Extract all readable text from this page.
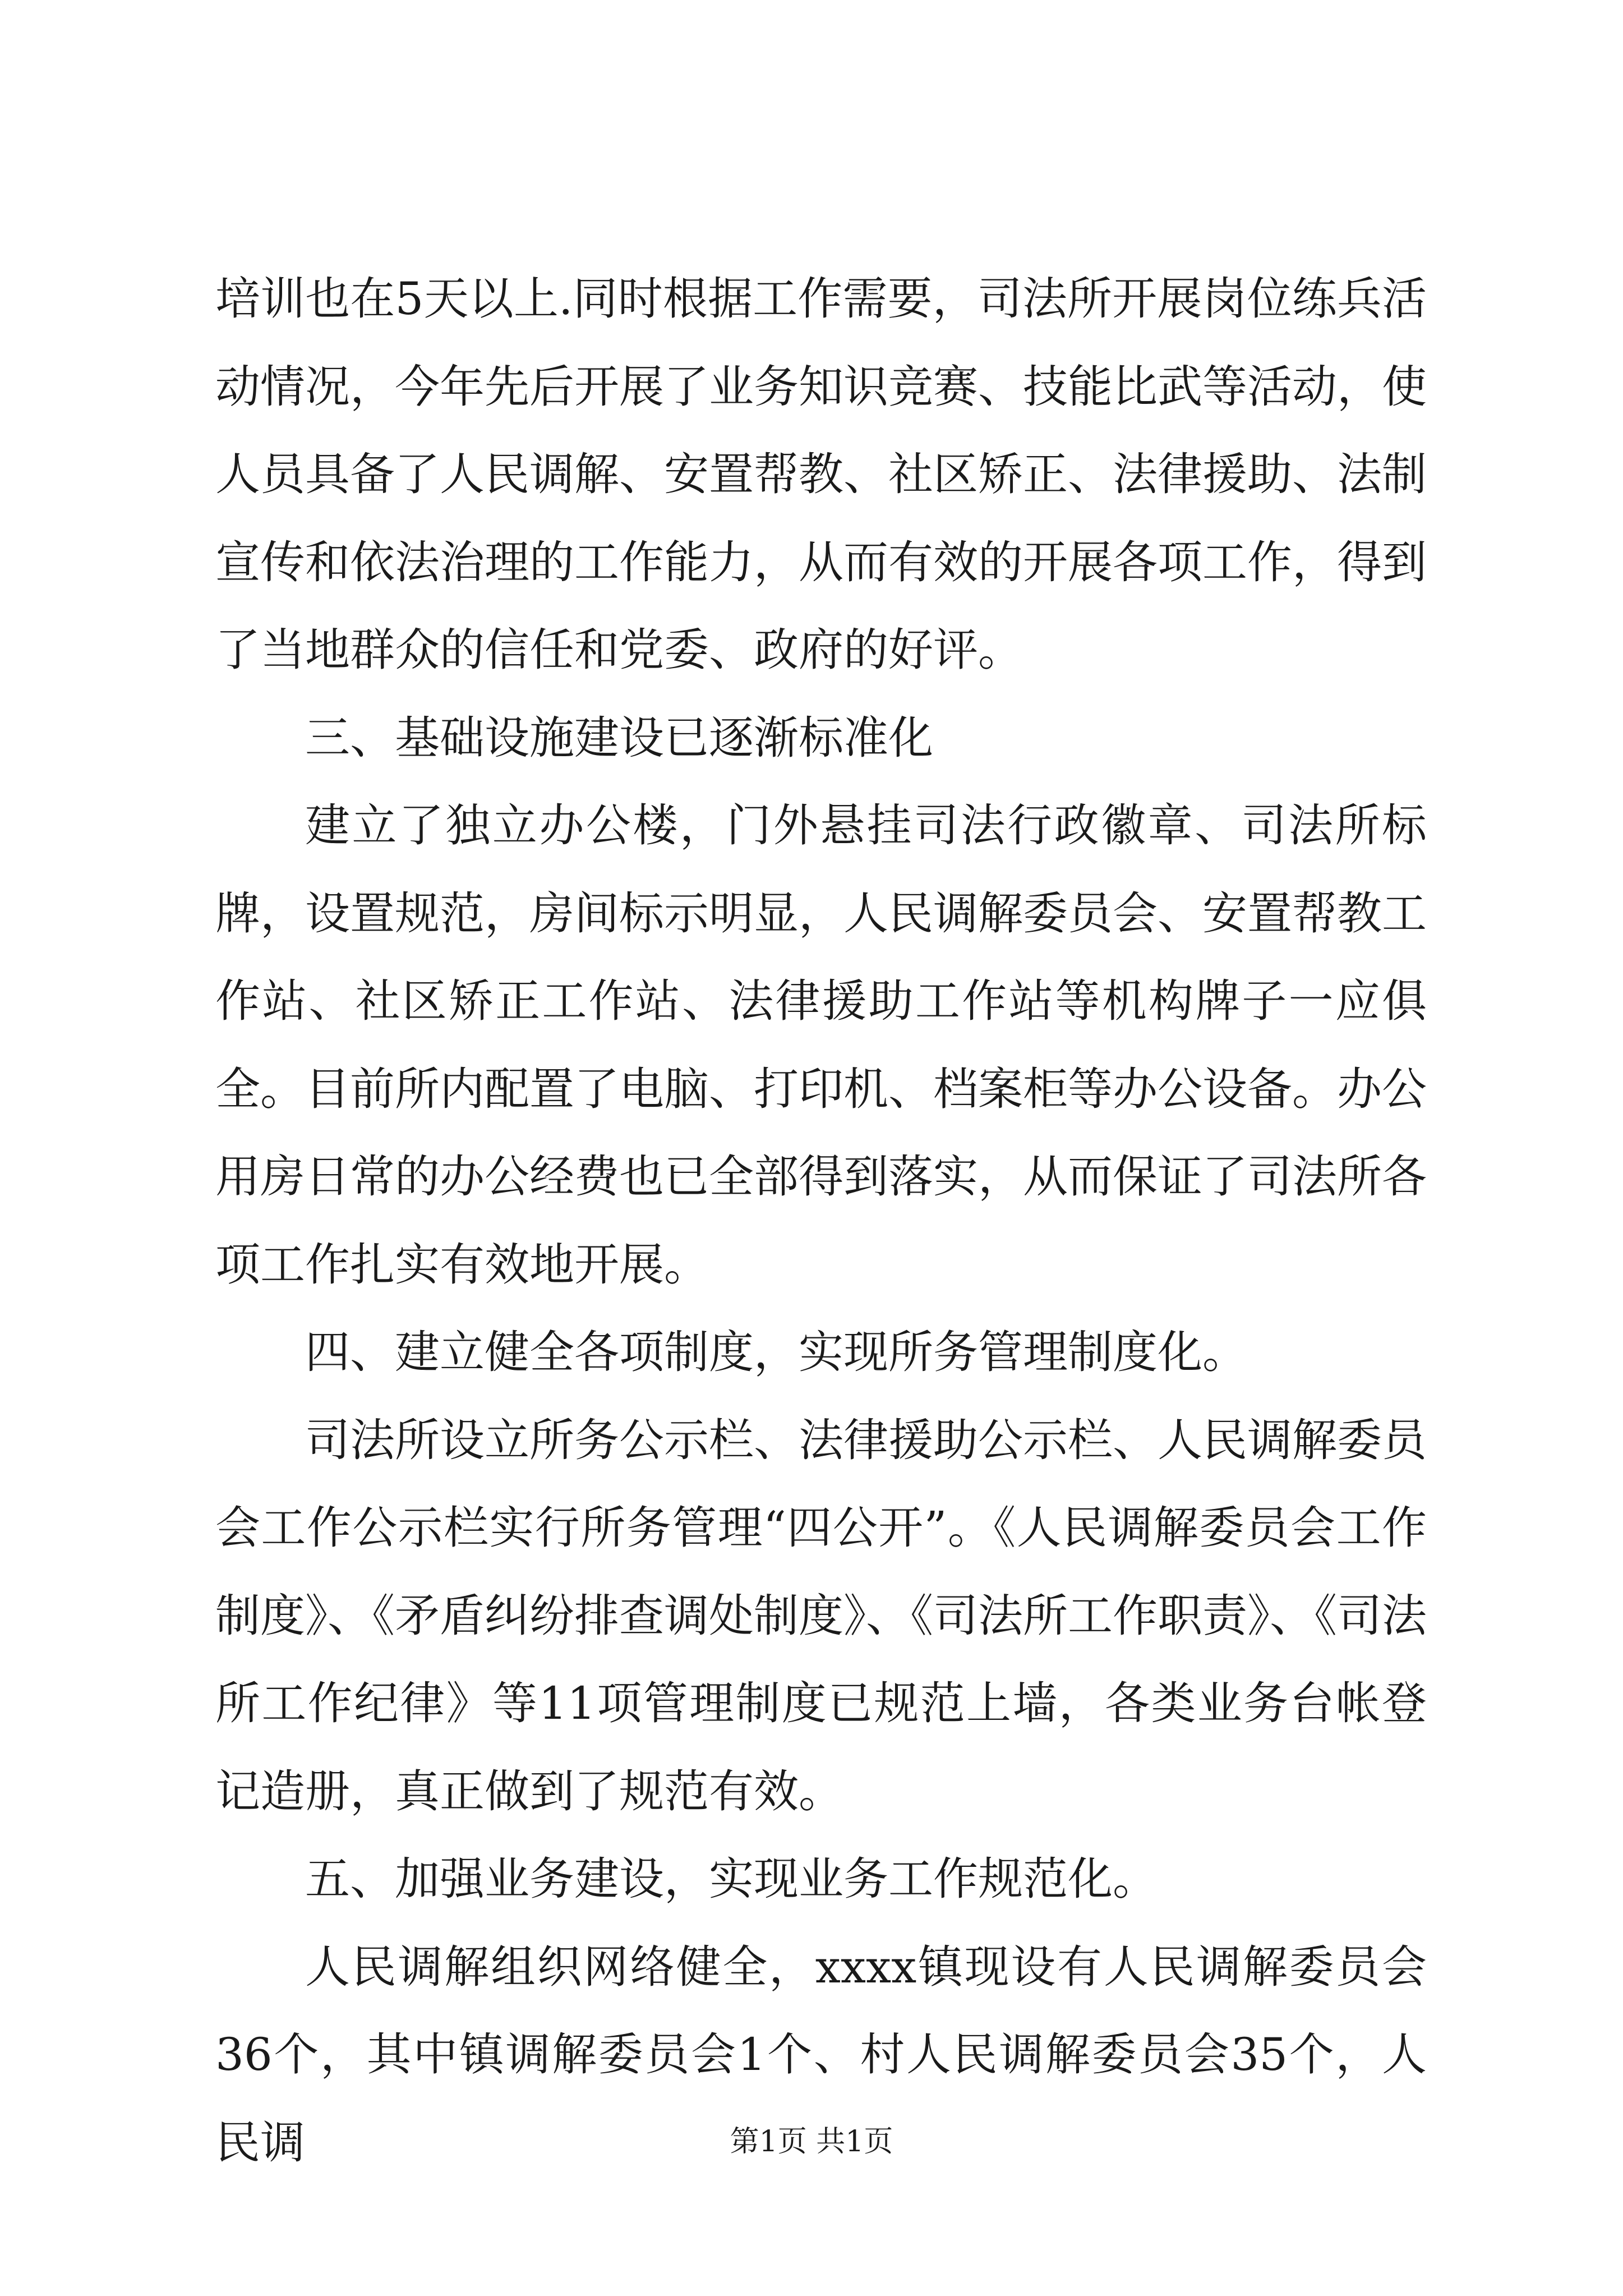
培训也在5天以上.同时根据工作需要，司法所开展岗位练兵活动情况，今年先后开展了业务知识竞赛、技能比武等活动，使人员具备了人民调解、安置帮教、社区矫正、法律援助、法制宣传和依法治理的工作能力，从而有效的开展各项工作，得到了当地群众的信任和党委、政府的好评。

三、基础设施建设已逐渐标准化

建立了独立办公楼，门外悬挂司法行政徽章、司法所标牌，设置规范，房间标示明显，人民调解委员会、安置帮教工作站、社区矫正工作站、法律援助工作站等机构牌子一应俱全。目前所内配置了电脑、打印机、档案柜等办公设备。办公用房日常的办公经费也已全部得到落实，从而保证了司法所各项工作扎实有效地开展。

四、建立健全各项制度，实现所务管理制度化。

司法所设立所务公示栏、法律援助公示栏、人民调解委员会工作公示栏实行所务管理“四公开”。《人民调解委员会工作制度》、《矛盾纠纷排查调处制度》、《司法所工作职责》、《司法所工作纪律》等11项管理制度已规范上墙，各类业务台帐登记造册，真正做到了规范有效。

五、加强业务建设，实现业务工作规范化。

人民调解组织网络健全，xxxx镇现设有人民调解委员会36个，其中镇调解委员会1个、村人民调解委员会35个，人民调	第1页 共1页
